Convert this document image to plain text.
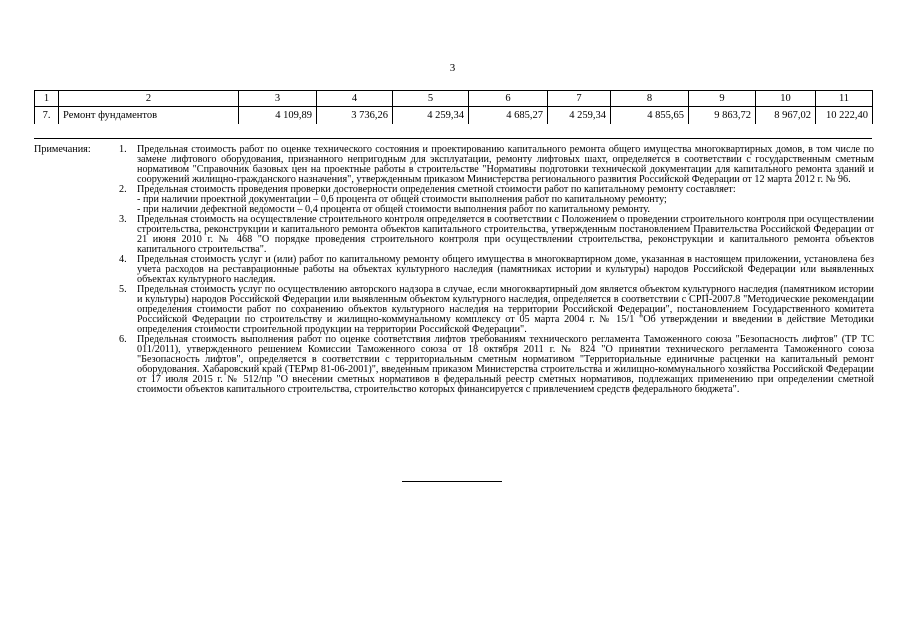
3
1	2	3	4	5	6	7	8	9	10	11
7.	Ремонт фундаментов	4 109,89	3 736,26	4 259,34	4 685,27	4 259,34	4 855,65	9 863,72	8 967,02	10 222,40
Примечания:	1.	Предельная стоимость работ по оценке технического состояния и проектированию капитального ремонта общего имущества многоквартирных домов, в том числе по замене лифтового оборудования, признанного непригодным для эксплуатации, ремонту лифтовых шахт, определяется в соответствии с государственным сметным нормативом "Справочник базовых цен на проектные работы в строительстве "Нормативы подготовки технической документации для капитального ремонта зданий и сооружений жилищно-гражданского назначения", утвержденным приказом Министерства регионального развития Российской Федерации от 12 марта 2012 г. № 96.
2.	Предельная стоимость проведения проверки достоверности определения сметной стоимости работ по капитальному ремонту составляет:
- при наличии проектной документации – 0,6 процента от общей стоимости выполнения работ по капитальному ремонту;
- при наличии дефектной ведомости – 0,4 процента от общей стоимости выполнения работ по капитальному ремонту.
3.	Предельная стоимость на осуществление строительного контроля определяется в соответствии с Положением о проведении строительного контроля при осуществлении строительства, реконструкции и капитального ремонта объектов капитального строительства, утвержденным постановлением Правительства Российской Федерации от 21 июня 2010 г. № 468 "О порядке проведения строительного контроля при осуществлении строительства, реконструкции и капитального ремонта объектов капитального строительства".
4.	Предельная стоимость услуг и (или) работ по капитальному ремонту общего имущества в многоквартирном доме, указанная в настоящем приложении, установлена без учета расходов на реставрационные работы на объектах культурного наследия (памятниках истории и культуры) народов Российской Федерации или выявленных объектах культурного наследия.
5.	Предельная стоимость услуг по осуществлению авторского надзора в случае, если многоквартирный дом является объектом культурного наследия (памятником истории и культуры) народов Российской Федерации или выявленным объектом культурного наследия, определяется в соответствии с СРП-2007.8 "Методические рекомендации определения стоимости работ по сохранению объектов культурного наследия на территории Российской Федерации", постановлением Государственного комитета Российской Федерации по строительству и жилищно-коммунальному комплексу от 05 марта 2004 г. № 15/1 "Об утверждении и введении в действие Методики определения стоимости строительной продукции на территории Российской Федерации".
6.	Предельная стоимость выполнения работ по оценке соответствия лифтов требованиям технического регламента Таможенного союза "Безопасность лифтов" (ТР ТС 011/2011), утвержденного решением Комиссии Таможенного союза от 18 октября 2011 г. № 824 "О принятии технического регламента Таможенного союза "Безопасность лифтов", определяется в соответствии с территориальным сметным нормативом "Территориальные единичные расценки на капитальный ремонт оборудования. Хабаровский край (ТЕРмр 81-06-2001)", введенным приказом Министерства строительства и жилищно-коммунального хозяйства Российской Федерации от 17 июля 2015 г. № 512/пр "О внесении сметных нормативов в федеральный реестр сметных нормативов, подлежащих применению при определении сметной стоимости объектов капитального строительства, строительство которых финансируется с привлечением средств федерального бюджета".
